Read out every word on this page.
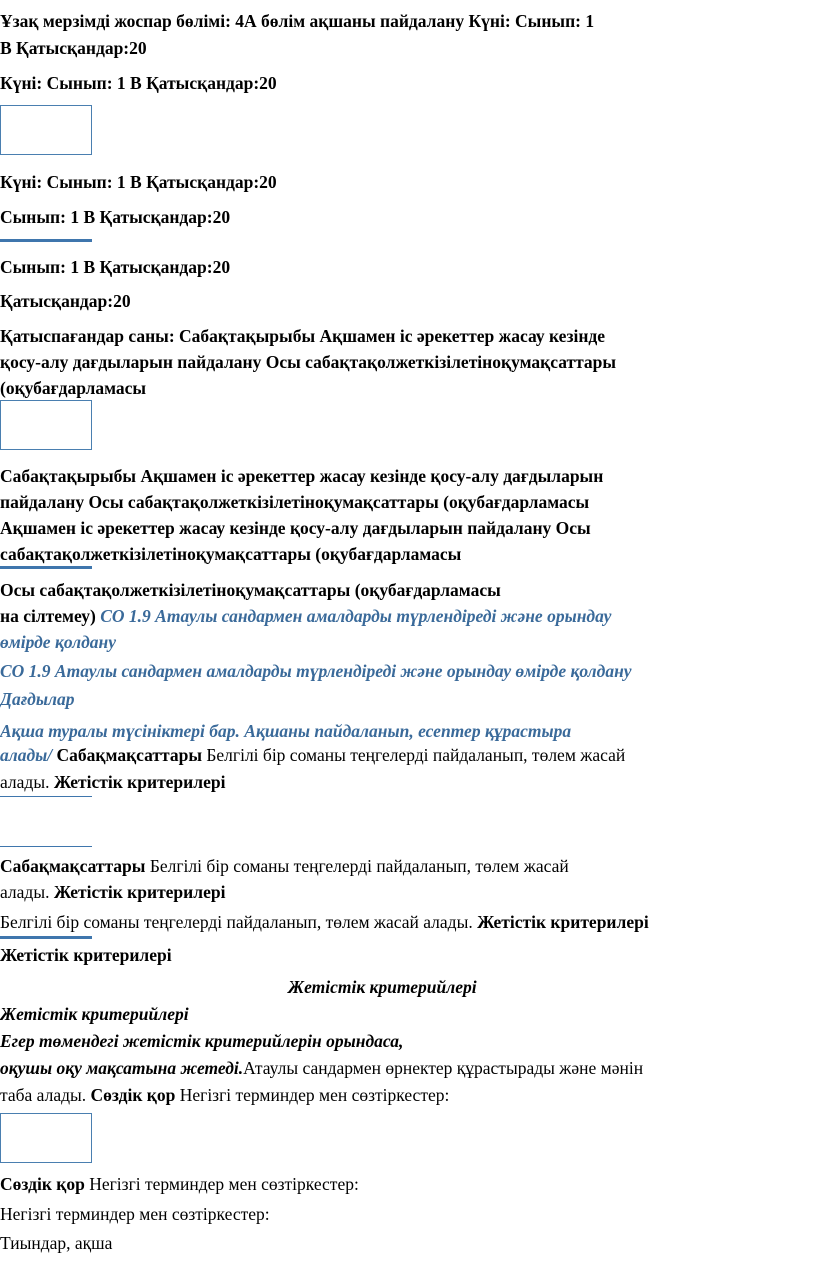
Ұзақ мерзімді жоспар бөлімі: 4А бөлім ақшаны пайдалану Күні: Сынып: 1
В Қатысқандар:20
Күні: Сынып: 1 В Қатысқандар:20
Күні: Сынып: 1 В Қатысқандар:20
Сынып: 1 В Қатысқандар:20
Сынып: 1 В Қатысқандар:20
Қатысқандар:20
Қатыспағандар саны: Сабақтақырыбы Ақшамен іс әрекеттер жасау кезінде
қосу-алу дағдыларын пайдалану Осы сабақтақолжеткізілетіноқумақсаттары
(оқубағдарламасы
Сабақтақырыбы Ақшамен іс әрекеттер жасау кезінде қосу-алу дағдыларын
пайдалану Осы сабақтақолжеткізілетіноқумақсаттары (оқубағдарламасы
Ақшамен іс әрекеттер жасау кезінде қосу-алу дағдыларын пайдалану Осы
сабақтақолжеткізілетіноқумақсаттары (оқубағдарламасы
Осы сабақтақолжеткізілетіноқумақсаттары (оқубағдарламасы
на сілтемеу) СО 1.9 Атаулы сандармен амалдарды түрлендіреді және орындау
өмірде қолдану
СО 1.9 Атаулы сандармен амалдарды түрлендіреді және орындау өмірде қолдану
Дағдылар
Ақша туралы түсініктері бар. Ақшаны пайдаланып, есептер құрастыра
алады/ Сабақмақсаттары Белгілі бір соманы теңгелерді пайдаланып, төлем жасай
алады. Жетістік критерилері
Сабақмақсаттары Белгілі бір соманы теңгелерді пайдаланып, төлем жасай
алады. Жетістік критерилері
Белгілі бір соманы теңгелерді пайдаланып, төлем жасай алады. Жетістік критерилері
Жетістік критерилері
Жетістік критерийлері
Жетістік критерийлері
Егер төмендегі жетістік критерийлерін орындаса,
оқушы оқу мақсатына жетеді.Атаулы сандармен өрнектер құрастырады және мәнін
таба алады. Сөздік қор Негізгі терминдер мен сөзтіркестер:
Сөздік қор Негізгі терминдер мен сөзтіркестер:
Негізгі терминдер мен сөзтіркестер:
Тиындар, ақша
